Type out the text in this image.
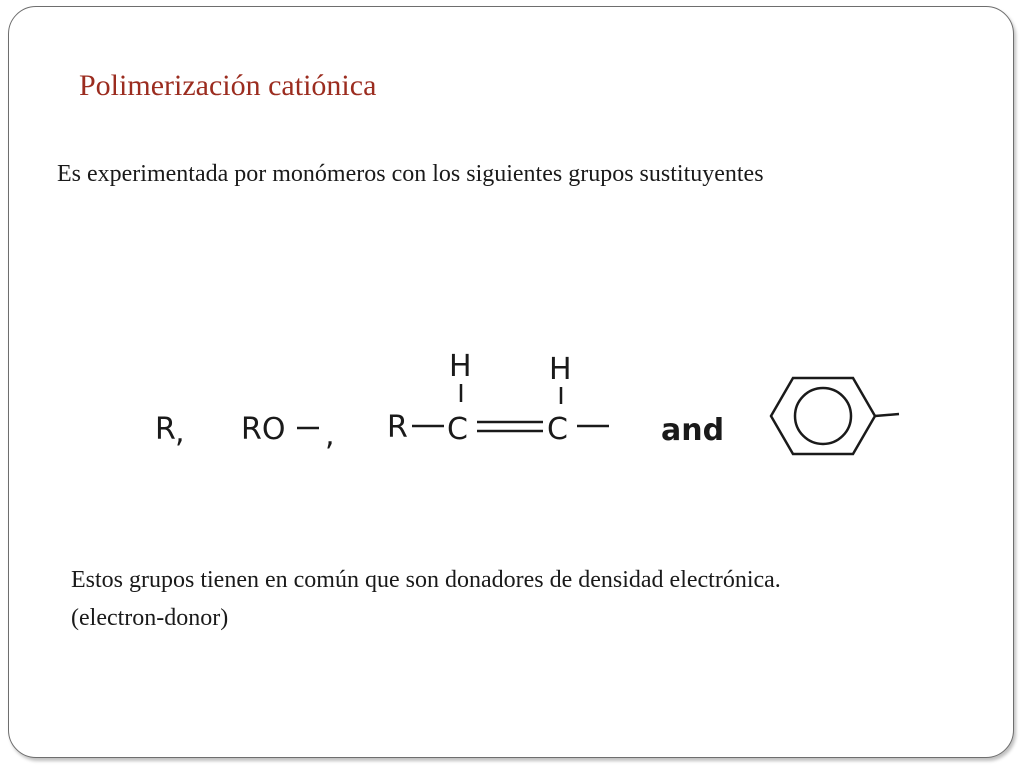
Polimerización catiónica
Es experimentada por monómeros con los siguientes grupos sustituyentes
R , RO , R C
H
C
H
and
Estos grupos tienen en común que son donadores de densidad electrónica. (electron-donor)
